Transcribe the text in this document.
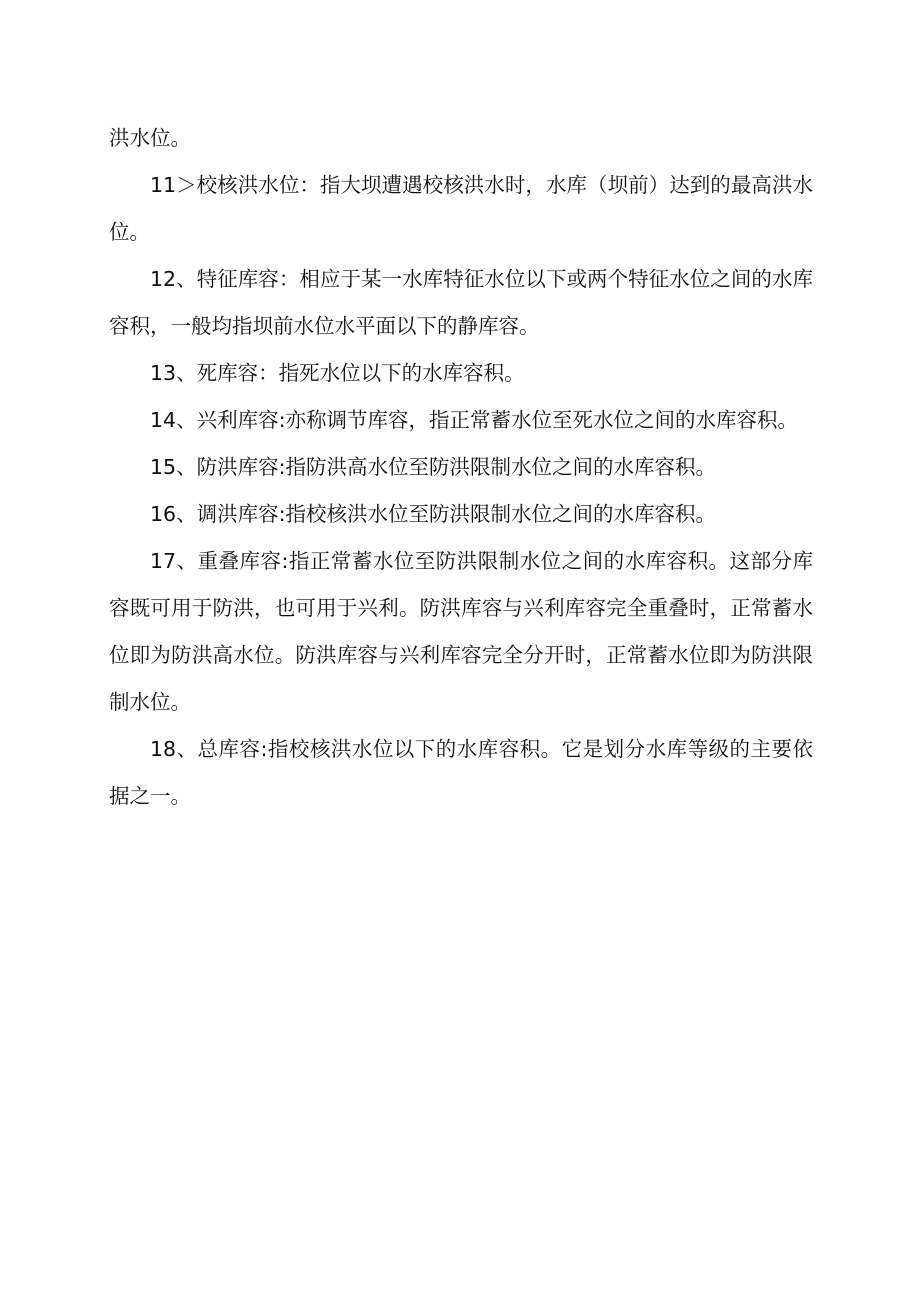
洪水位。

11＞校核洪水位：指大坝遭遇校核洪水时，水库（坝前）达到的最高洪水位。

12、特征库容：相应于某一水库特征水位以下或两个特征水位之间的水库容积，一般均指坝前水位水平面以下的静库容。

13、死库容：指死水位以下的水库容积。

14、兴利库容:亦称调节库容，指正常蓄水位至死水位之间的水库容积。

15、防洪库容:指防洪高水位至防洪限制水位之间的水库容积。

16、调洪库容:指校核洪水位至防洪限制水位之间的水库容积。

17、重叠库容:指正常蓄水位至防洪限制水位之间的水库容积。这部分库容既可用于防洪，也可用于兴利。防洪库容与兴利库容完全重叠时，正常蓄水位即为防洪高水位。防洪库容与兴利库容完全分开时，正常蓄水位即为防洪限制水位。

18、总库容:指校核洪水位以下的水库容积。它是划分水库等级的主要依据之一。
